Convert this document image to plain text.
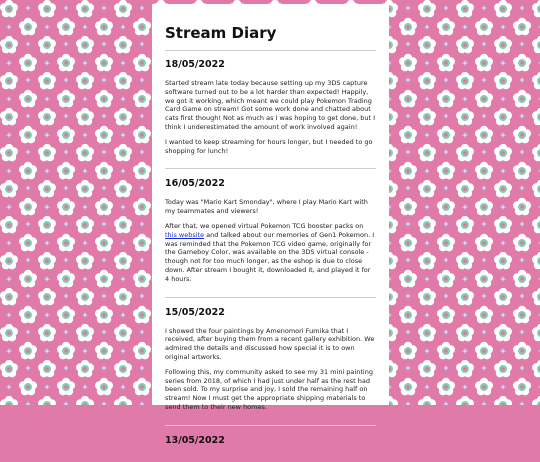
Stream Diary
18/05/2022

Started stream late today because setting up my 3DS capture software turned out to be a lot harder than expected! Happily, we got it working, which meant we could play Pokemon Trading Card Game on stream! Got some work done and chatted about cats first though! Not as much as I was hoping to get done, but I think I underestimated the amount of work involved again!

I wanted to keep streaming for hours longer, but I needed to go shopping for lunch!

16/05/2022

Today was "Mario Kart Smonday", where I play Mario Kart with my teammates and viewers!

After that, we opened virtual Pokemon TCG booster packs on this website and talked about our memories of Gen1 Pokemon. I was reminded that the Pokemon TCG video game, originally for the Gameboy Color, was available on the 3DS virtual console - though not for too much longer, as the eshop is due to close down. After stream I bought it, downloaded it, and played it for 4 hours.

15/05/2022

I showed the four paintings by Amenomori Fumika that I received, after buying them from a recent gallery exhibition. We admired the details and discussed how special it is to own original artworks.

Following this, my community asked to see my 31 mini painting series from 2018, of which I had just under half as the rest had been sold. To my surprise and joy, I sold the remaining half on stream! Now I must get the appropriate shipping materials to send them to their new homes.

13/05/2022
